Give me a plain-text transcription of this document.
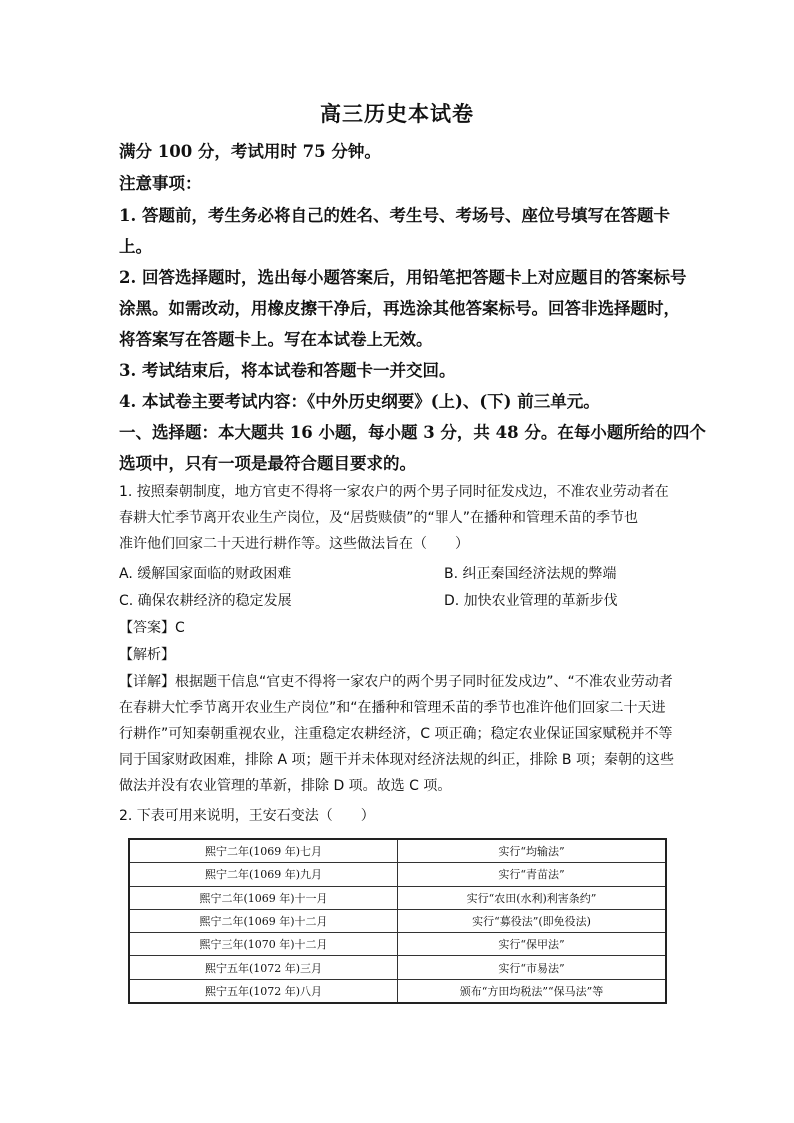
高三历史本试卷
满分 100 分，考试用时 75 分钟。
注意事项：
1. 答题前，考生务必将自己的姓名、考生号、考场号、座位号填写在答题卡
上。
2. 回答选择题时，选出每小题答案后，用铅笔把答题卡上对应题目的答案标号
涂黑。如需改动，用橡皮擦干净后，再选涂其他答案标号。回答非选择题时，
将答案写在答题卡上。写在本试卷上无效。
3. 考试结束后，将本试卷和答题卡一并交回。
4. 本试卷主要考试内容：《中外历史纲要》(上)、(下) 前三单元。
一、选择题：本大题共 16 小题，每小题 3 分，共 48 分。在每小题所给的四个
选项中，只有一项是最符合题目要求的。
1. 按照秦朝制度，地方官吏不得将一家农户的两个男子同时征发戍边，不准农业劳动者在
春耕大忙季节离开农业生产岗位，及“居赀赎债”的“罪人”在播种和管理禾苗的季节也
准许他们回家二十天进行耕作等。这些做法旨在（　　）
A. 缓解国家面临的财政困难	B. 纠正秦国经济法规的弊端
C. 确保农耕经济的稳定发展	D. 加快农业管理的革新步伐
【答案】C
【解析】
【详解】根据题干信息“官吏不得将一家农户的两个男子同时征发戍边”、“不准农业劳动者
在春耕大忙季节离开农业生产岗位”和“在播种和管理禾苗的季节也准许他们回家二十天进
行耕作”可知秦朝重视农业，注重稳定农耕经济，C 项正确；稳定农业保证国家赋税并不等
同于国家财政困难，排除 A 项；题干并未体现对经济法规的纠正，排除 B 项；秦朝的这些
做法并没有农业管理的革新，排除 D 项。故选 C 项。
2. 下表可用来说明，王安石变法（　　）
熙宁二年(1069 年)七月	实行“均输法”
熙宁二年(1069 年)九月	实行“青苗法”
熙宁二年(1069 年)十一月	实行“农田(水利)利害条约”
熙宁二年(1069 年)十二月	实行“募役法”(即免役法)
熙宁三年(1070 年)十二月	实行“保甲法”
熙宁五年(1072 年)三月	实行“市易法”
熙宁五年(1072 年)八月	颁布“方田均税法”“保马法”等
